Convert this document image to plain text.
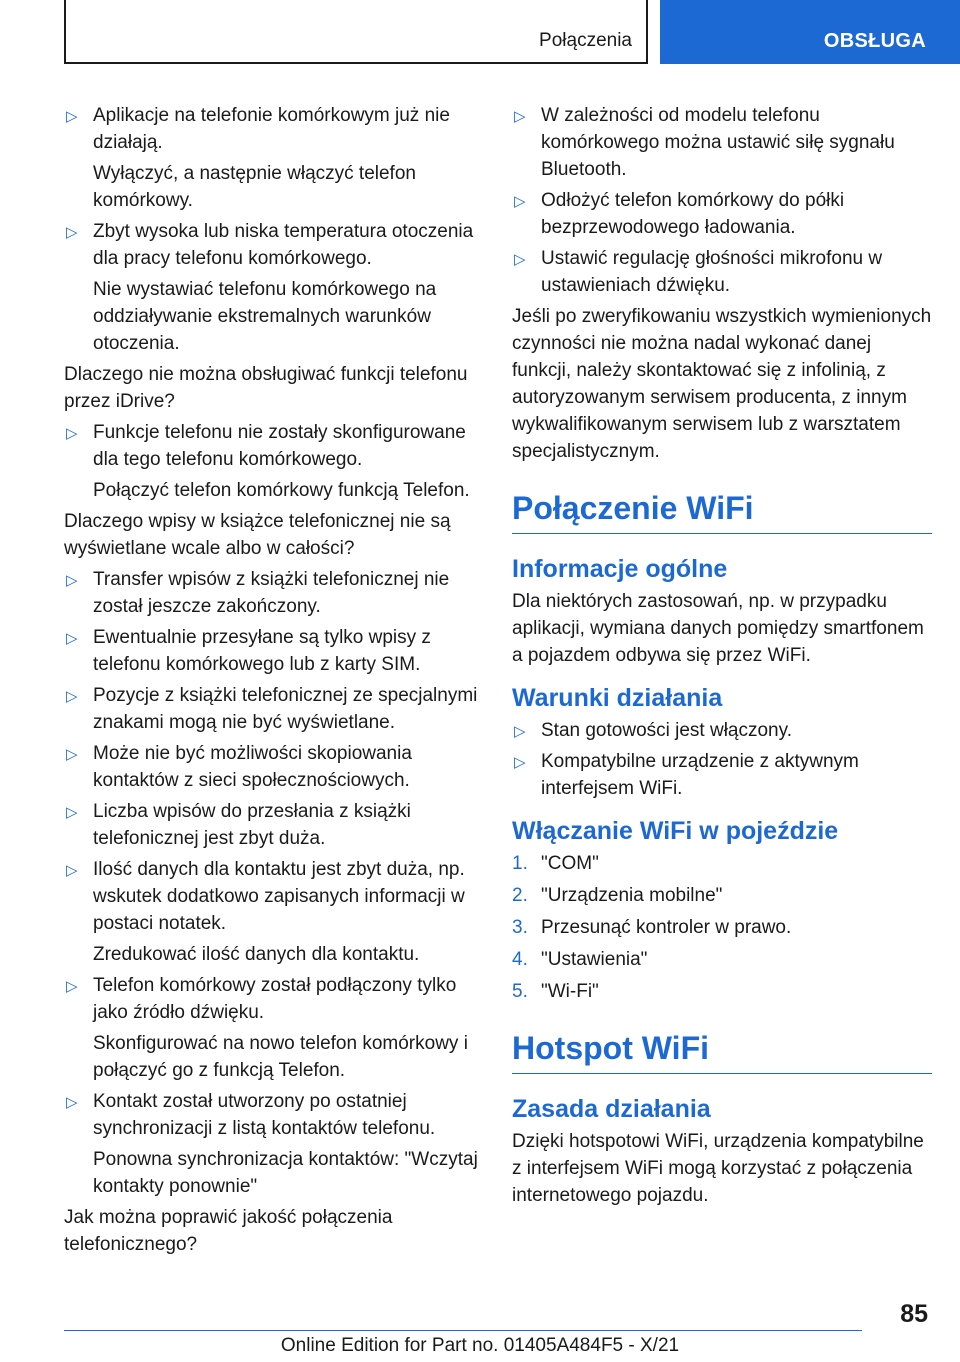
Połączenia	OBSŁUGA
▷ Aplikacje na telefonie komórkowym już nie działają.
Wyłączyć, a następnie włączyć telefon komórkowy.
▷ Zbyt wysoka lub niska temperatura otoczenia dla pracy telefonu komórkowego.
Nie wystawiać telefonu komórkowego na oddziaływanie ekstremalnych warunków otoczenia.
Dlaczego nie można obsługiwać funkcji telefonu przez iDrive?
▷ Funkcje telefonu nie zostały skonfigurowane dla tego telefonu komórkowego.
Połączyć telefon komórkowy funkcją Telefon.
Dlaczego wpisy w książce telefonicznej nie są wyświetlane wcale albo w całości?
▷ Transfer wpisów z książki telefonicznej nie został jeszcze zakończony.
▷ Ewentualnie przesyłane są tylko wpisy z telefonu komórkowego lub z karty SIM.
▷ Pozycje z książki telefonicznej ze specjalnymi znakami mogą nie być wyświetlane.
▷ Może nie być możliwości skopiowania kontaktów z sieci społecznościowych.
▷ Liczba wpisów do przesłania z książki telefonicznej jest zbyt duża.
▷ Ilość danych dla kontaktu jest zbyt duża, np. wskutek dodatkowo zapisanych informacji w postaci notatek.
Zredukować ilość danych dla kontaktu.
▷ Telefon komórkowy został podłączony tylko jako źródło dźwięku.
Skonfigurować na nowo telefon komórkowy i połączyć go z funkcją Telefon.
▷ Kontakt został utworzony po ostatniej synchronizacji z listą kontaktów telefonu.
Ponowna synchronizacja kontaktów: "Wczytaj kontakty ponownie"
Jak można poprawić jakość połączenia telefonicznego?
▷ W zależności od modelu telefonu komórkowego można ustawić siłę sygnału Bluetooth.
▷ Odłożyć telefon komórkowy do półki bezprzewodowego ładowania.
▷ Ustawić regulację głośności mikrofonu w ustawieniach dźwięku.
Jeśli po zweryfikowaniu wszystkich wymienionych czynności nie można nadal wykonać danej funkcji, należy skontaktować się z infolinią, z autoryzowanym serwisem producenta, z innym wykwalifikowanym serwisem lub z warsztatem specjalistycznym.
Połączenie WiFi
Informacje ogólne
Dla niektórych zastosowań, np. w przypadku aplikacji, wymiana danych pomiędzy smartfonem a pojazdem odbywa się przez WiFi.
Warunki działania
▷ Stan gotowości jest włączony.
▷ Kompatybilne urządzenie z aktywnym interfejsem WiFi.
Włączanie WiFi w pojeździe
1. "COM"
2. "Urządzenia mobilne"
3. Przesunąć kontroler w prawo.
4. "Ustawienia"
5. "Wi-Fi"
Hotspot WiFi
Zasada działania
Dzięki hotspotowi WiFi, urządzenia kompatybilne z interfejsem WiFi mogą korzystać z połączenia internetowego pojazdu.
85
Online Edition for Part no. 01405A484F5 - X/21
